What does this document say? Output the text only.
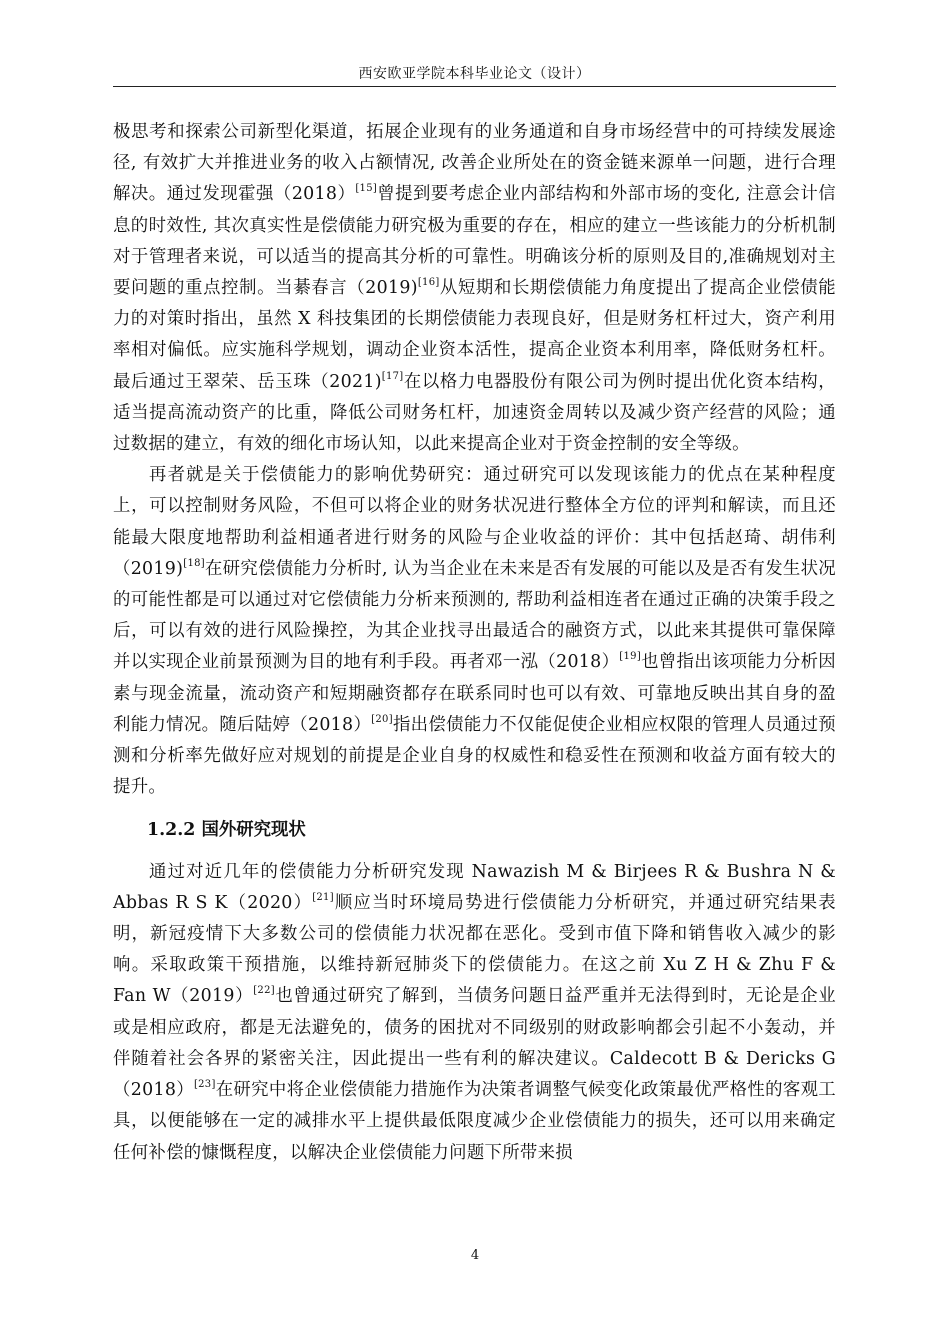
西安欧亚学院本科毕业论文（设计）

极思考和探索公司新型化渠道，拓展企业现有的业务通道和自身市场经营中的可持续发展途径, 有效扩大并推进业务的收入占额情况, 改善企业所处在的资金链来源单一问题，进行合理解决。通过发现霍强（2018）[15]曾提到要考虑企业内部结构和外部市场的变化, 注意会计信息的时效性, 其次真实性是偿债能力研究极为重要的存在，相应的建立一些该能力的分析机制对于管理者来说，可以适当的提高其分析的可靠性。明确该分析的原则及目的,准确规划对主要问题的重点控制。当綦春言（2019)[16]从短期和长期偿债能力角度提出了提高企业偿债能力的对策时指出，虽然 X 科技集团的长期偿债能力表现良好，但是财务杠杆过大，资产利用率相对偏低。应实施科学规划，调动企业资本活性，提高企业资本利用率，降低财务杠杆。最后通过王翠荣、岳玉珠（2021)[17]在以格力电器股份有限公司为例时提出优化资本结构，适当提高流动资产的比重，降低公司财务杠杆，加速资金周转以及减少资产经营的风险；通过数据的建立，有效的细化市场认知，以此来提高企业对于资金控制的安全等级。

再者就是关于偿债能力的影响优势研究：通过研究可以发现该能力的优点在某种程度上，可以控制财务风险，不但可以将企业的财务状况进行整体全方位的评判和解读，而且还能最大限度地帮助利益相通者进行财务的风险与企业收益的评价：其中包括赵琦、胡伟利（2019)[18]在研究偿债能力分析时, 认为当企业在未来是否有发展的可能以及是否有发生状况的可能性都是可以通过对它偿债能力分析来预测的, 帮助利益相连者在通过正确的决策手段之后，可以有效的进行风险操控，为其企业找寻出最适合的融资方式，以此来其提供可靠保障并以实现企业前景预测为目的地有利手段。再者邓一泓（2018）[19]也曾指出该项能力分析因素与现金流量，流动资产和短期融资都存在联系同时也可以有效、可靠地反映出其自身的盈利能力情况。随后陆婷（2018）[20]指出偿债能力不仅能促使企业相应权限的管理人员通过预测和分析率先做好应对规划的前提是企业自身的权威性和稳妥性在预测和收益方面有较大的提升。

1.2.2 国外研究现状

通过对近几年的偿债能力分析研究发现 Nawazish M & Birjees R & Bushra N & Abbas R S K（2020）[21]顺应当时环境局势进行偿债能力分析研究，并通过研究结果表明，新冠疫情下大多数公司的偿债能力状况都在恶化。受到市值下降和销售收入减少的影响。采取政策干预措施，以维持新冠肺炎下的偿债能力。在这之前 Xu Z H & Zhu F & Fan W（2019）[22]也曾通过研究了解到，当债务问题日益严重并无法得到时，无论是企业或是相应政府，都是无法避免的，债务的困扰对不同级别的财政影响都会引起不小轰动，并伴随着社会各界的紧密关注，因此提出一些有利的解决建议。Caldecott B & Dericks G（2018）[23]在研究中将企业偿债能力措施作为决策者调整气候变化政策最优严格性的客观工具，以便能够在一定的减排水平上提供最低限度减少企业偿债能力的损失，还可以用来确定任何补偿的慷慨程度，以解决企业偿债能力问题下所带来损

4
